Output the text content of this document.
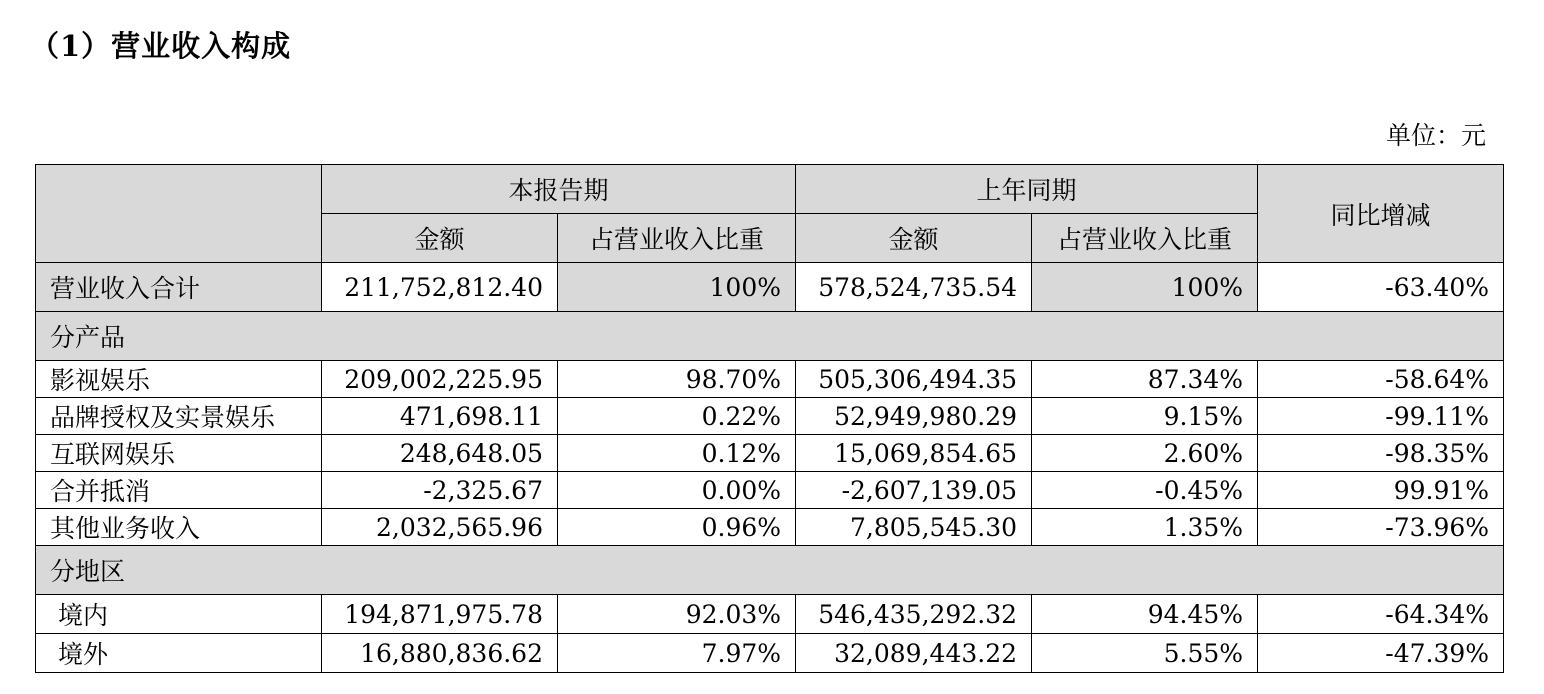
（1）营业收入构成
单位：元
	本报告期		上年同期		同比增减
	金额	占营业收入比重	金额	占营业收入比重	
营业收入合计	211,752,812.40	100%	578,524,735.54	100%	-63.40%
分产品					
影视娱乐	209,002,225.95	98.70%	505,306,494.35	87.34%	-58.64%
品牌授权及实景娱乐	471,698.11	0.22%	52,949,980.29	9.15%	-99.11%
互联网娱乐	248,648.05	0.12%	15,069,854.65	2.60%	-98.35%
合并抵消	-2,325.67	0.00%	-2,607,139.05	-0.45%	99.91%
其他业务收入	2,032,565.96	0.96%	7,805,545.30	1.35%	-73.96%
分地区					
境内	194,871,975.78	92.03%	546,435,292.32	94.45%	-64.34%
境外	16,880,836.62	7.97%	32,089,443.22	5.55%	-47.39%
